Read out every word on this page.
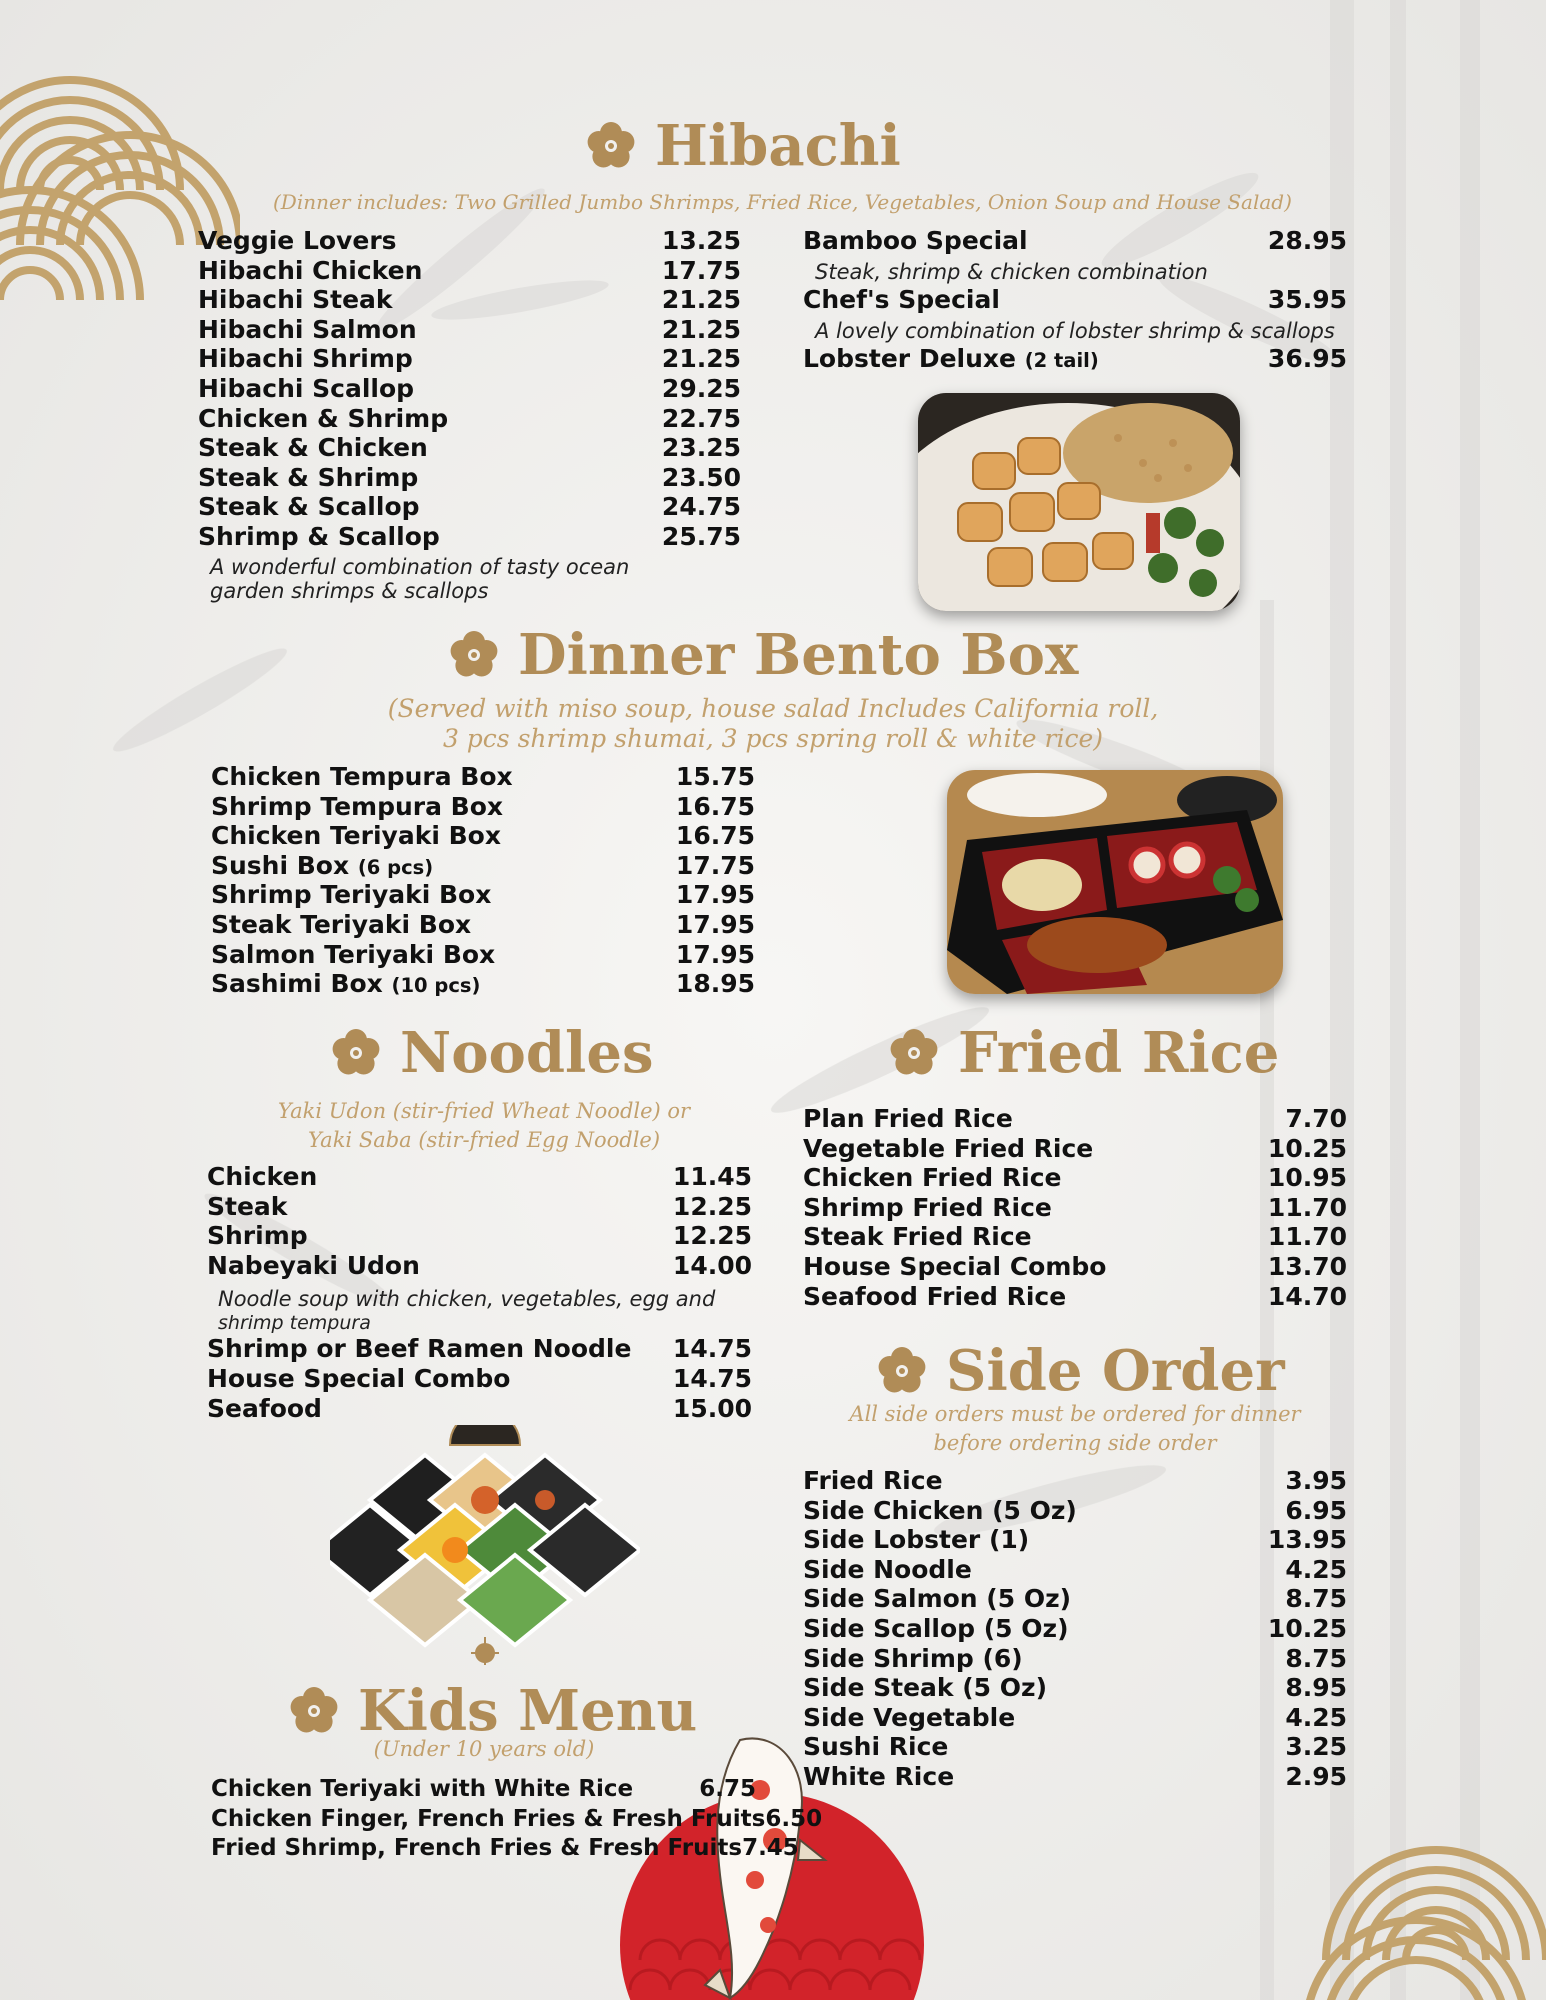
Hibachi
(Dinner includes: Two Grilled Jumbo Shrimps, Fried Rice, Vegetables, Onion Soup and House Salad)
Veggie Lovers	13.25
Hibachi Chicken	17.75
Hibachi Steak	21.25
Hibachi Salmon	21.25
Hibachi Shrimp	21.25
Hibachi Scallop	29.25
Chicken & Shrimp	22.75
Steak & Chicken	23.25
Steak & Shrimp	23.50
Steak & Scallop	24.75
Shrimp & Scallop	25.75
A wonderful combination of tasty ocean garden shrimps & scallops
Bamboo Special	28.95
Steak, shrimp & chicken combination
Chef's Special	35.95
A lovely combination of lobster shrimp & scallops
Lobster Deluxe (2 tail)	36.95
Dinner Bento Box
(Served with miso soup, house salad Includes California roll,
3 pcs shrimp shumai, 3 pcs spring roll & white rice)
Chicken Tempura Box	15.75
Shrimp Tempura Box	16.75
Chicken Teriyaki Box	16.75
Sushi Box (6 pcs)	17.75
Shrimp Teriyaki Box	17.95
Steak Teriyaki Box	17.95
Salmon Teriyaki Box	17.95
Sashimi Box (10 pcs)	18.95
Noodles
Yaki Udon (stir-fried Wheat Noodle) or
Yaki Saba (stir-fried Egg Noodle)
Chicken	11.45
Steak	12.25
Shrimp	12.25
Nabeyaki Udon	14.00
Shrimp or Beef Ramen Noodle 14.75
House Special Combo	14.75
Seafood	15.00
Noodle soup with chicken, vegetables, egg and
shrimp tempura
Fried Rice
Plan Fried Rice	7.70
Vegetable Fried Rice	10.25
Chicken Fried Rice	10.95
Shrimp Fried Rice	11.70
Steak Fried Rice	11.70
House Special Combo	13.70
Seafood Fried Rice	14.70
Side Order
All side orders must be ordered for dinner
before ordering side order
Fried Rice	3.95
Side Chicken (5 Oz)	6.95
Side Lobster (1)	13.95
Side Noodle	4.25
Side Salmon (5 Oz)	8.75
Side Scallop (5 Oz)	10.25
Side Shrimp (6)	8.75
Side Steak (5 Oz)	8.95
Side Vegetable	4.25
Sushi Rice	3.25
White Rice	2.95
Kids Menu
(Under 10 years old)
Chicken Teriyaki with White Rice	6.75
Chicken Finger, French Fries & Fresh Fruits 6.50
Fried Shrimp, French Fries & Fresh Fruits 7.45
